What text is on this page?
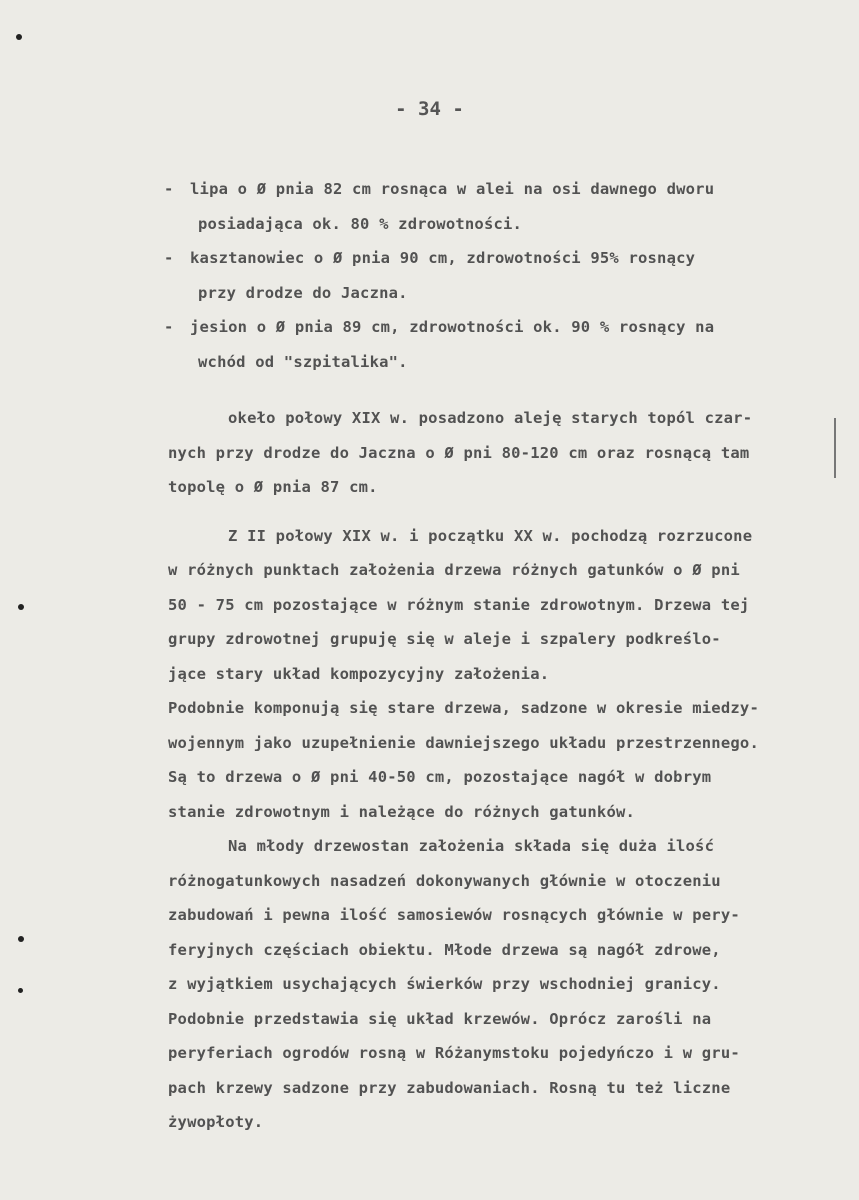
- 34 -
- lipa o Ø pnia 82 cm rosnąca w alei na osi dawnego dworu
posiadająca ok. 80 % zdrowotności.
- kasztanowiec o Ø pnia 90 cm, zdrowotności 95% rosnący
przy drodze do Jaczna.
- jesion o Ø pnia 89 cm, zdrowotności ok. 90 % rosnący na
wchód od "szpitalika".
okeło połowy XIX w. posadzono aleję starych topól czar-
nych przy drodze do Jaczna o Ø pni 80-120 cm oraz rosnącą tam
topolę o Ø pnia 87 cm.
Z II połowy XIX w. i początku XX w. pochodzą rozrzucone
w różnych punktach założenia drzewa różnych gatunków o Ø pni
50 - 75 cm pozostające w różnym stanie zdrowotnym. Drzewa tej
grupy zdrowotnej grupuję się w aleje i szpalery podkreślo-
jące stary układ kompozycyjny założenia.
Podobnie komponują się stare drzewa, sadzone w okresie miedzy-
wojennym jako uzupełnienie dawniejszego układu przestrzennego.
Są to drzewa o Ø pni 40-50 cm, pozostające nagół w dobrym
stanie zdrowotnym i należące do różnych gatunków.
Na młody drzewostan założenia składa się duża ilość
różnogatunkowych nasadzeń dokonywanych głównie w otoczeniu
zabudowań i pewna ilość samosiewów rosnących głównie w pery-
feryjnych częściach obiektu. Młode drzewa są nagół zdrowe,
z wyjątkiem usychających świerków przy wschodniej granicy.
Podobnie przedstawia się układ krzewów. Oprócz zarośli na
peryferiach ogrodów rosną w Różanymstoku pojedyńczo i w gru-
pach krzewy sadzone przy zabudowaniach. Rosną tu też liczne
żywopłoty.
